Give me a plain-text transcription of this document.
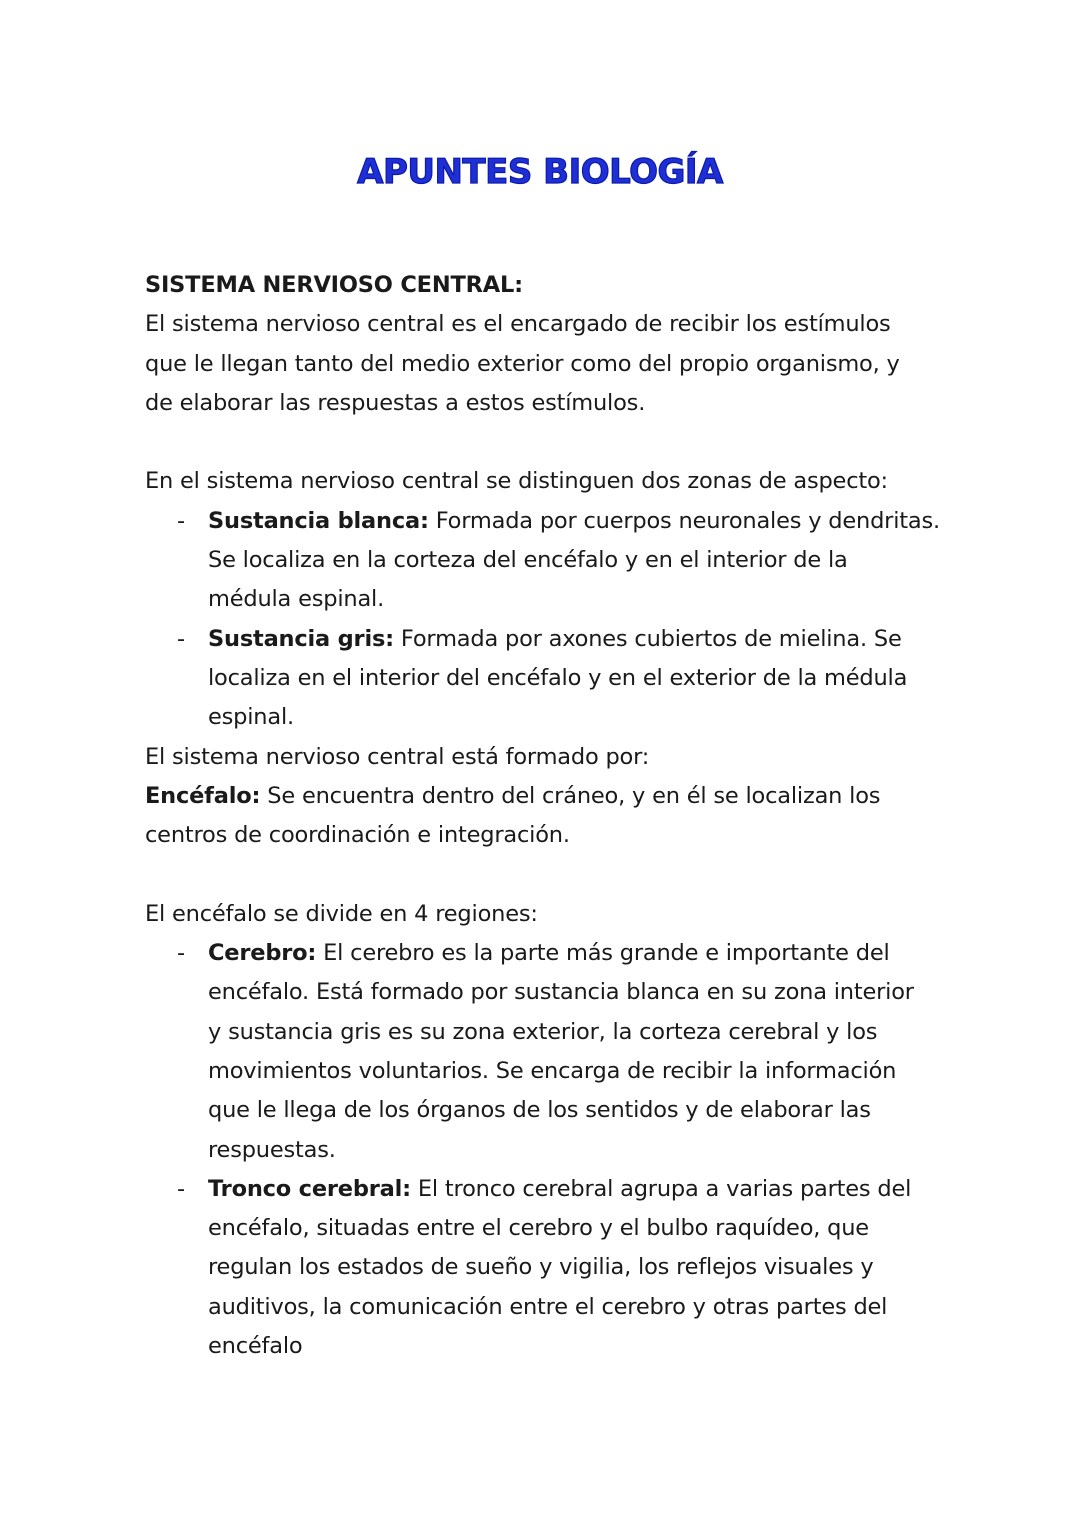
APUNTES BIOLOGÍA
SISTEMA NERVIOSO CENTRAL:
El sistema nervioso central es el encargado de recibir los estímulos
que le llegan tanto del medio exterior como del propio organismo, y
de elaborar las respuestas a estos estímulos.
En el sistema nervioso central se distinguen dos zonas de aspecto:
- Sustancia blanca: Formada por cuerpos neuronales y dendritas.
Se localiza en la corteza del encéfalo y en el interior de la
médula espinal.
- Sustancia gris: Formada por axones cubiertos de mielina. Se
localiza en el interior del encéfalo y en el exterior de la médula
espinal.
El sistema nervioso central está formado por:
Encéfalo: Se encuentra dentro del cráneo, y en él se localizan los
centros de coordinación e integración.
El encéfalo se divide en 4 regiones:
- Cerebro: El cerebro es la parte más grande e importante del
encéfalo. Está formado por sustancia blanca en su zona interior
y sustancia gris es su zona exterior, la corteza cerebral y los
movimientos voluntarios. Se encarga de recibir la información
que le llega de los órganos de los sentidos y de elaborar las
respuestas.
- Tronco cerebral: El tronco cerebral agrupa a varias partes del
encéfalo, situadas entre el cerebro y el bulbo raquídeo, que
regulan los estados de sueño y vigilia, los reflejos visuales y
auditivos, la comunicación entre el cerebro y otras partes del
encéfalo
